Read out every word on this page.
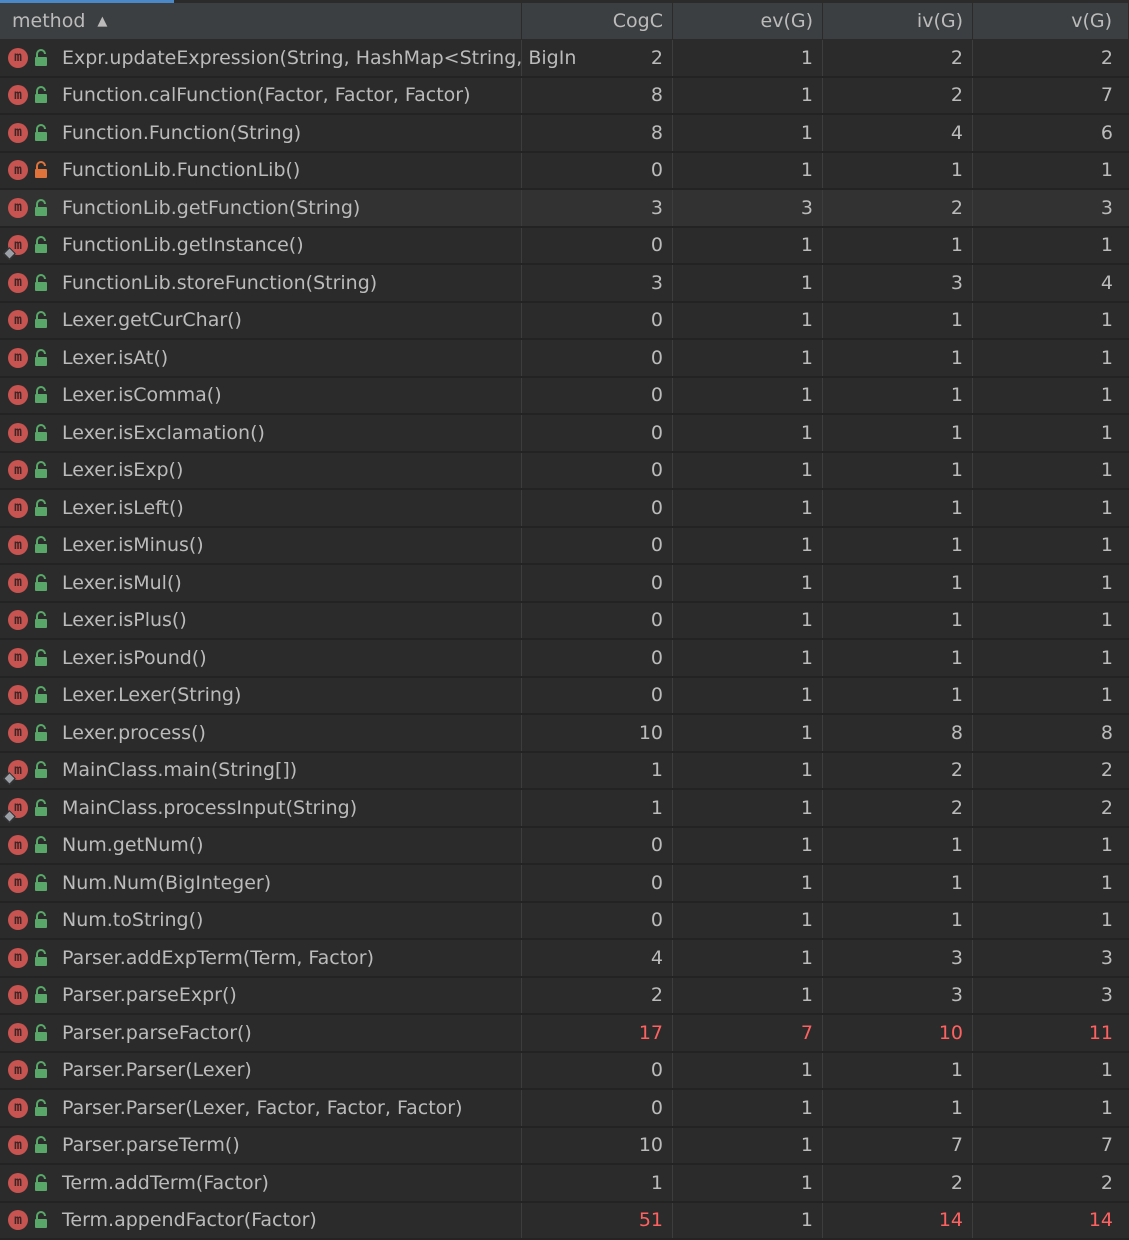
method ▲	CogC	ev(G)	iv(G)	v(G)
m	Expr.updateExpression(String, HashMap<String, BigIn	2	1	2	2
m	Function.calFunction(Factor, Factor, Factor)	8	1	2	7
m	Function.Function(String)	8	1	4	6
m	FunctionLib.FunctionLib()	0	1	1	1
m	FunctionLib.getFunction(String)	3	3	2	3
m	FunctionLib.getInstance()	0	1	1	1
m	FunctionLib.storeFunction(String)	3	1	3	4
m	Lexer.getCurChar()	0	1	1	1
m	Lexer.isAt()	0	1	1	1
m	Lexer.isComma()	0	1	1	1
m	Lexer.isExclamation()	0	1	1	1
m	Lexer.isExp()	0	1	1	1
m	Lexer.isLeft()	0	1	1	1
m	Lexer.isMinus()	0	1	1	1
m	Lexer.isMul()	0	1	1	1
m	Lexer.isPlus()	0	1	1	1
m	Lexer.isPound()	0	1	1	1
m	Lexer.Lexer(String)	0	1	1	1
m	Lexer.process()	10	1	8	8
m	MainClass.main(String[])	1	1	2	2
m	MainClass.processInput(String)	1	1	2	2
m	Num.getNum()	0	1	1	1
m	Num.Num(BigInteger)	0	1	1	1
m	Num.toString()	0	1	1	1
m	Parser.addExpTerm(Term, Factor)	4	1	3	3
m	Parser.parseExpr()	2	1	3	3
m	Parser.parseFactor()	17	7	10	11
m	Parser.Parser(Lexer)	0	1	1	1
m	Parser.Parser(Lexer, Factor, Factor, Factor)	0	1	1	1
m	Parser.parseTerm()	10	1	7	7
m	Term.addTerm(Factor)	1	1	2	2
m	Term.appendFactor(Factor)	51	1	14	14
